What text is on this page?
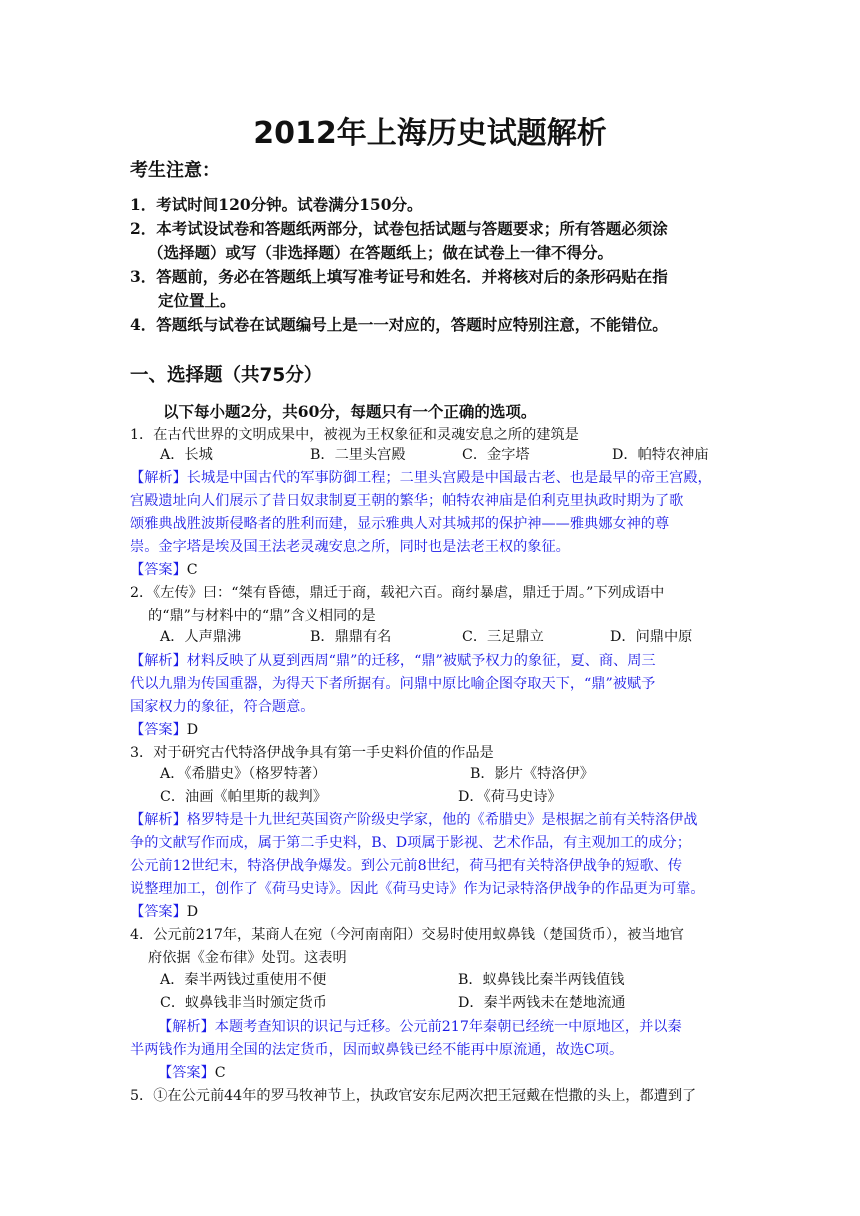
2012年上海历史试题解析
考生注意：
1．考试时间120分钟。试卷满分150分。
2．本考试设试卷和答题纸两部分，试卷包括试题与答题要求；所有答题必须涂
（选择题）或写（非选择题）在答题纸上；做在试卷上一律不得分。
3．答题前，务必在答题纸上填写准考证号和姓名．并将核对后的条形码贴在指
定位置上。
4．答题纸与试卷在试题编号上是一一对应的，答题时应特别注意，不能错位。
一、选择题（共75分）
以下每小题2分，共60分，每题只有一个正确的选项。
1．在古代世界的文明成果中，被视为王权象征和灵魂安息之所的建筑是
A．长城	B．二里头宫殿	C．金字塔	D．帕特农神庙
【解析】长城是中国古代的军事防御工程；二里头宫殿是中国最古老、也是最早的帝王宫殿，
宫殿遗址向人们展示了昔日奴隶制夏王朝的繁华；帕特农神庙是伯利克里执政时期为了歌
颂雅典战胜波斯侵略者的胜利而建，显示雅典人对其城邦的保护神——雅典娜女神的尊
崇。金字塔是埃及国王法老灵魂安息之所，同时也是法老王权的象征。
【答案】C
2．《左传》曰：“桀有昏德，鼎迁于商，载祀六百。商纣暴虐，鼎迁于周。”下列成语中
的“鼎”与材料中的“鼎”含义相同的是
A．人声鼎沸	B．鼎鼎有名	C．三足鼎立	D．问鼎中原
【解析】材料反映了从夏到西周“鼎”的迁移，“鼎”被赋予权力的象征，夏、商、周三
代以九鼎为传国重器，为得天下者所据有。问鼎中原比喻企图夺取天下，“鼎”被赋予
国家权力的象征，符合题意。
【答案】D
3．对于研究古代特洛伊战争具有第一手史料价值的作品是
A．《希腊史》（格罗特著）	B．影片《特洛伊》
C．油画《帕里斯的裁判》	D．《荷马史诗》
【解析】格罗特是十九世纪英国资产阶级史学家，他的《希腊史》是根据之前有关特洛伊战
争的文献写作而成，属于第二手史料，B、D项属于影视、艺术作品，有主观加工的成分；
公元前12世纪末，特洛伊战争爆发。到公元前8世纪，荷马把有关特洛伊战争的短歌、传
说整理加工，创作了《荷马史诗》。因此《荷马史诗》作为记录特洛伊战争的作品更为可靠。
【答案】D
4．公元前217年，某商人在宛（今河南南阳）交易时使用蚁鼻钱（楚国货币），被当地官
府依据《金布律》处罚。这表明
A．秦半两钱过重使用不便	B．蚁鼻钱比秦半两钱值钱
C．蚁鼻钱非当时颁定货币	D．秦半两钱未在楚地流通
【解析】本题考查知识的识记与迁移。公元前217年秦朝已经统一中原地区，并以秦
半两钱作为通用全国的法定货币，因而蚁鼻钱已经不能再中原流通，故选C项。
【答案】C
5．①在公元前44年的罗马牧神节上，执政官安东尼两次把王冠戴在恺撒的头上，都遭到了
